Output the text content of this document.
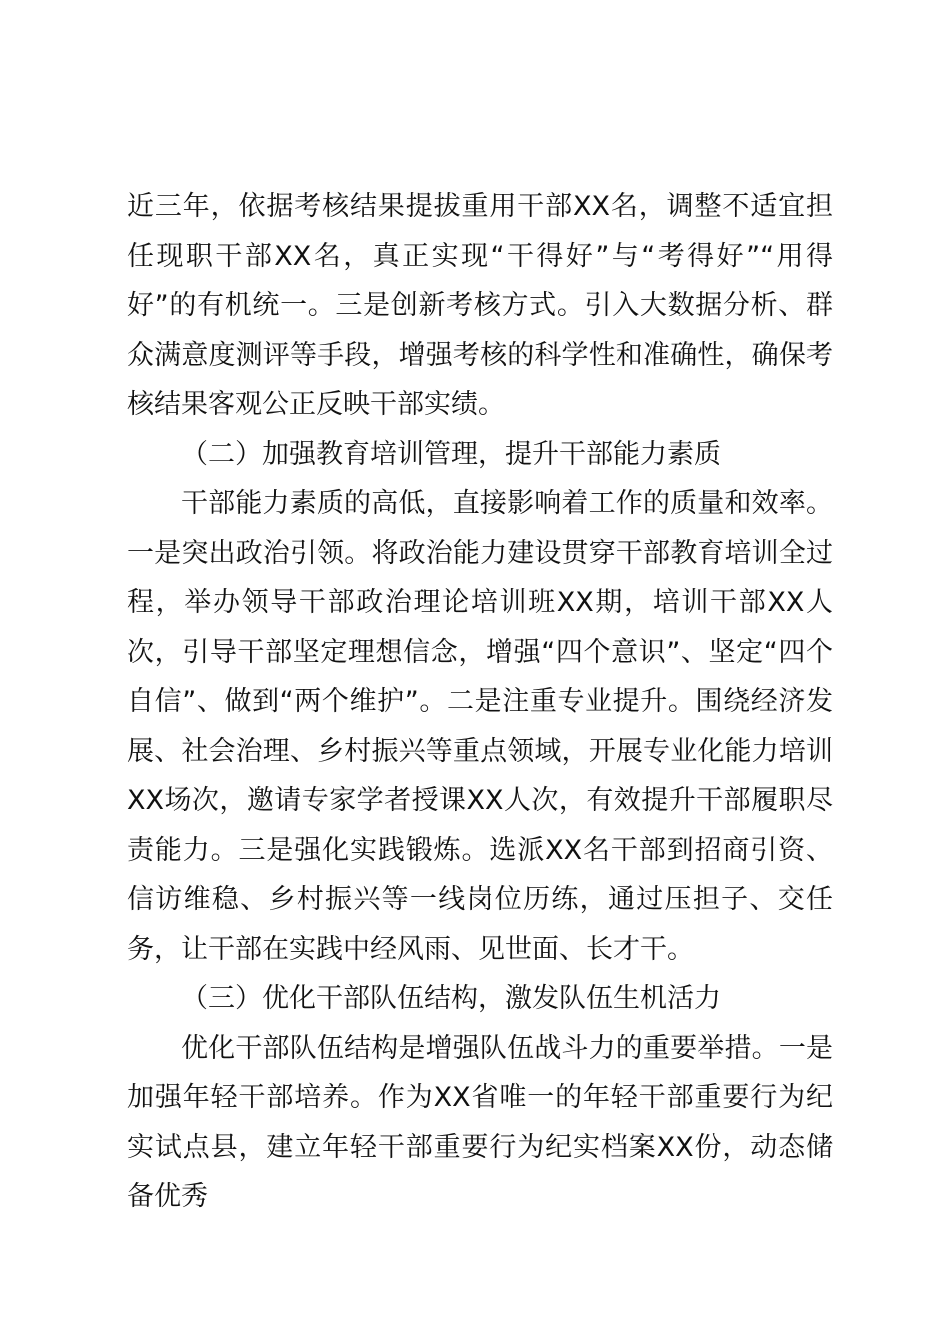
近三年，依据考核结果提拔重用干部XX名，调整不适宜担任现职干部XX名，真正实现“干得好”与“考得好”“用得好”的有机统一。三是创新考核方式。引入大数据分析、群众满意度测评等手段，增强考核的科学性和准确性，确保考核结果客观公正反映干部实绩。

（二）加强教育培训管理，提升干部能力素质

干部能力素质的高低，直接影响着工作的质量和效率。一是突出政治引领。将政治能力建设贯穿干部教育培训全过程，举办领导干部政治理论培训班XX期，培训干部XX人次，引导干部坚定理想信念，增强“四个意识”、坚定“四个自信”、做到“两个维护”。二是注重专业提升。围绕经济发展、社会治理、乡村振兴等重点领域，开展专业化能力培训XX场次，邀请专家学者授课XX人次，有效提升干部履职尽责能力。三是强化实践锻炼。选派XX名干部到招商引资、信访维稳、乡村振兴等一线岗位历练，通过压担子、交任务，让干部在实践中经风雨、见世面、长才干。

（三）优化干部队伍结构，激发队伍生机活力

优化干部队伍结构是增强队伍战斗力的重要举措。一是加强年轻干部培养。作为XX省唯一的年轻干部重要行为纪实试点县，建立年轻干部重要行为纪实档案XX份，动态储备优秀
